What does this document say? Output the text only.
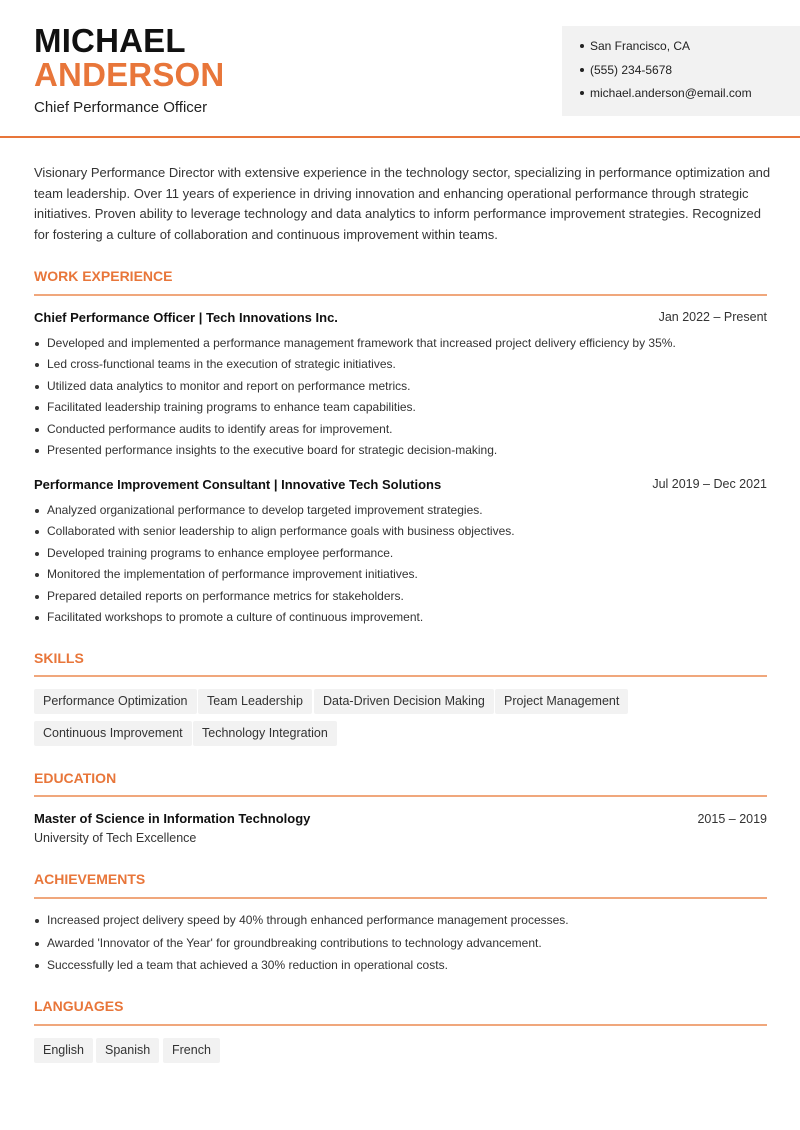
MICHAEL
ANDERSON
Chief Performance Officer
San Francisco, CA
(555) 234-5678
michael.anderson@email.com

Visionary Performance Director with extensive experience in the technology sector, specializing in performance optimization and team leadership. Over 11 years of experience in driving innovation and enhancing operational performance through strategic initiatives. Proven ability to leverage technology and data analytics to inform performance improvement strategies. Recognized for fostering a culture of collaboration and continuous improvement within teams.

WORK EXPERIENCE
Chief Performance Officer | Tech Innovations Inc.	Jan 2022 – Present
Developed and implemented a performance management framework that increased project delivery efficiency by 35%.
Led cross-functional teams in the execution of strategic initiatives.
Utilized data analytics to monitor and report on performance metrics.
Facilitated leadership training programs to enhance team capabilities.
Conducted performance audits to identify areas for improvement.
Presented performance insights to the executive board for strategic decision-making.
Performance Improvement Consultant | Innovative Tech Solutions	Jul 2019 – Dec 2021
Analyzed organizational performance to develop targeted improvement strategies.
Collaborated with senior leadership to align performance goals with business objectives.
Developed training programs to enhance employee performance.
Monitored the implementation of performance improvement initiatives.
Prepared detailed reports on performance metrics for stakeholders.
Facilitated workshops to promote a culture of continuous improvement.
SKILLS
Performance Optimization	Team Leadership	Data-Driven Decision Making	Project Management
Continuous Improvement	Technology Integration
EDUCATION
Master of Science in Information Technology	2015 – 2019
University of Tech Excellence
ACHIEVEMENTS
Increased project delivery speed by 40% through enhanced performance management processes.
Awarded 'Innovator of the Year' for groundbreaking contributions to technology advancement.
Successfully led a team that achieved a 30% reduction in operational costs.
LANGUAGES
English	Spanish	French
